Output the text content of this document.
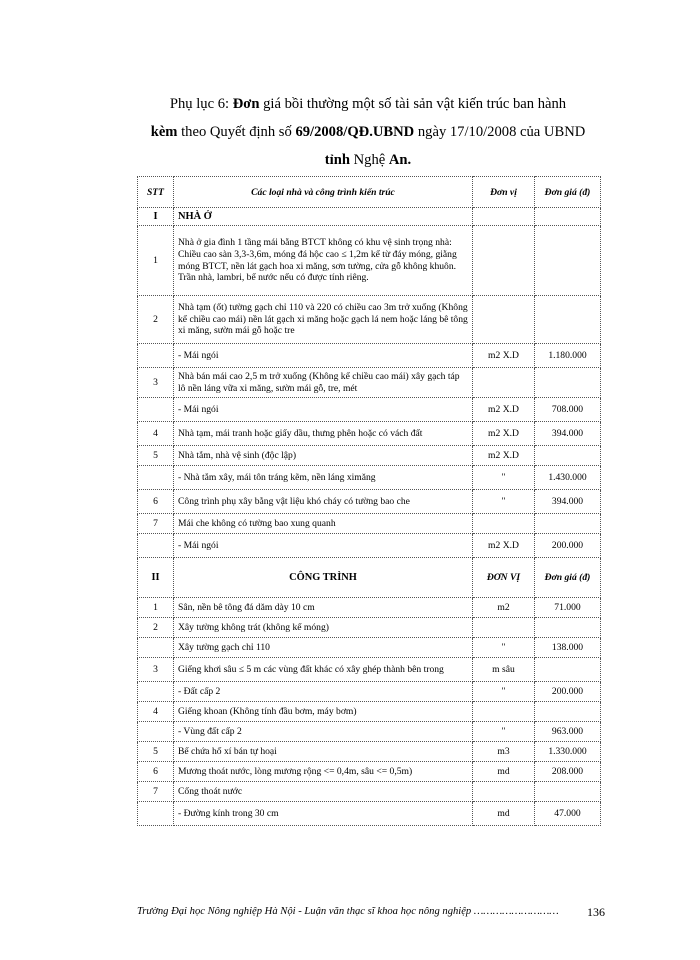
Phụ lục 6: Đơn giá bồi thường một số tài sản vật kiến trúc ban hành
kèm theo Quyết định số 69/2008/QĐ.UBND ngày 17/10/2008 của UBND
tỉnh Nghệ An.
STT	Các loại nhà và công trình kiến trúc	Đơn vị	Đơn giá (đ)
I	NHÀ Ở		
1	Nhà ở gia đình 1 tầng mái bằng BTCT không có khu vệ sinh trọng nhà: Chiều cao sàn 3,3-3,6m, móng đá hộc cao ≤ 1,2m kể từ đáy móng, giằng móng BTCT, nền lát gạch hoa xi măng, sơn tường, cửa gỗ không khuôn. Trần nhà, lambri, bể nước nếu có được tính riêng.		
2	Nhà tạm (ốt) tường gạch chỉ 110 và 220 có chiều cao 3m trở xuống (Không kể chiều cao mái) nền lát gạch xi măng hoặc gạch lá nem hoặc láng bê tông xi măng, sườn mái gỗ hoặc tre		
	- Mái ngói	m2 X.D	1.180.000
3	Nhà bán mái cao 2,5 m trở xuống (Không kể chiều cao mái) xây gạch táp lô nền láng vữa xi măng, sườn mái gỗ, tre, mét		
	- Mái ngói	m2 X.D	708.000
4	Nhà tạm, mái tranh hoặc giấy dầu, thưng phên hoặc có vách đất	m2 X.D	394.000
5	Nhà tắm, nhà vệ sinh (độc lập)	m2 X.D	
	- Nhà tắm xây, mái tôn tráng kẽm, nền láng ximăng	"	1.430.000
6	Công trình phụ xây bằng vật liệu khó cháy có tường bao che	"	394.000
7	Mái che không có tường bao xung quanh		
	- Mái ngói	m2 X.D	200.000
II	CÔNG TRÌNH	ĐƠN VỊ	Đơn giá (đ)
1	Sân, nền bê tông đá dăm dày 10 cm	m2	71.000
2	Xây tường không trát (không kể móng)		
	Xây tường gạch chỉ 110	"	138.000
3	Giếng khơi sâu ≤ 5 m các vùng đất khác có xây ghép thành bên trong	m sâu	
	- Đất cấp 2	"	200.000
4	Giếng khoan (Không tính đầu bơm, máy bơm)		
	- Vùng đất cấp 2	"	963.000
5	Bể chứa hố xí bán tự hoại	m3	1.330.000
6	Mương thoát nước, lòng mương rộng <= 0,4m, sâu <= 0,5m)	md	208.000
7	Cống thoát nước		
	- Đường kính trong 30 cm	md	47.000
Trường Đại học Nông nghiệp Hà Nội - Luận văn thạc sĩ khoa học nông nghiệp ……………………… 136
